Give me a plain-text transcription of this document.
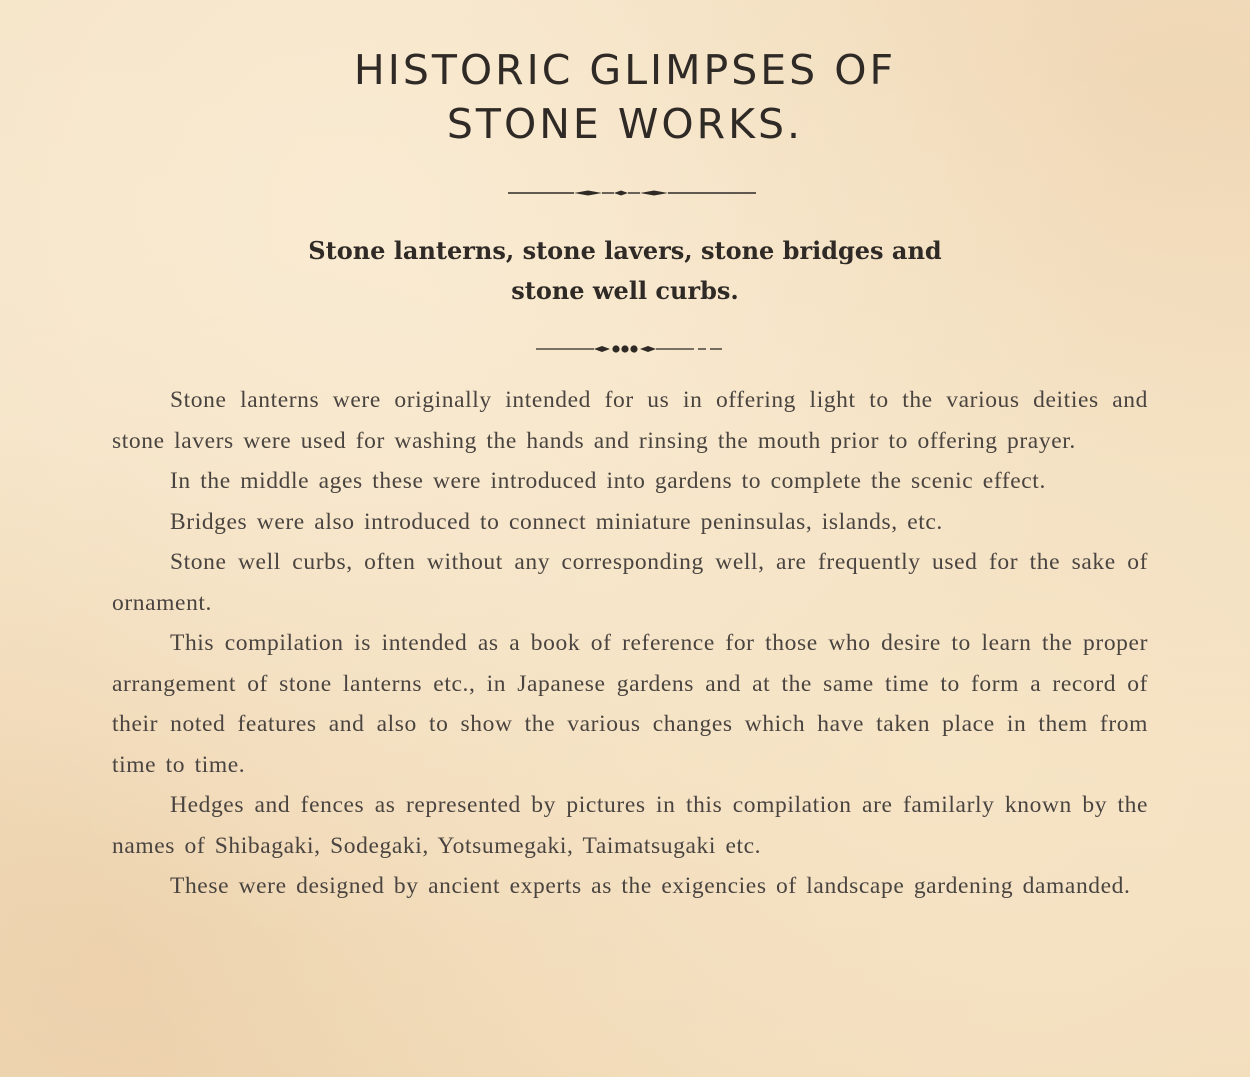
HISTORIC GLIMPSES OF
STONE WORKS.
Stone lanterns, stone lavers, stone bridges and
stone well curbs.

Stone lanterns were originally intended for us in offering light to the various deities and stone lavers were used for washing the hands and rinsing the mouth prior to offering prayer.

In the middle ages these were introduced into gardens to complete the scenic effect.

Bridges were also introduced to connect miniature peninsulas, islands, etc.

Stone well curbs, often without any corresponding well, are frequently used for the sake of ornament.

This compilation is intended as a book of reference for those who desire to learn the proper arrangement of stone lanterns etc., in Japanese gardens and at the same time to form a record of their noted features and also to show the various changes which have taken place in them from time to time.

Hedges and fences as represented by pictures in this compilation are familarly known by the names of Shibagaki, Sodegaki, Yotsumegaki, Taimatsugaki etc.

These were designed by ancient experts as the exigencies of landscape gardening damanded.
